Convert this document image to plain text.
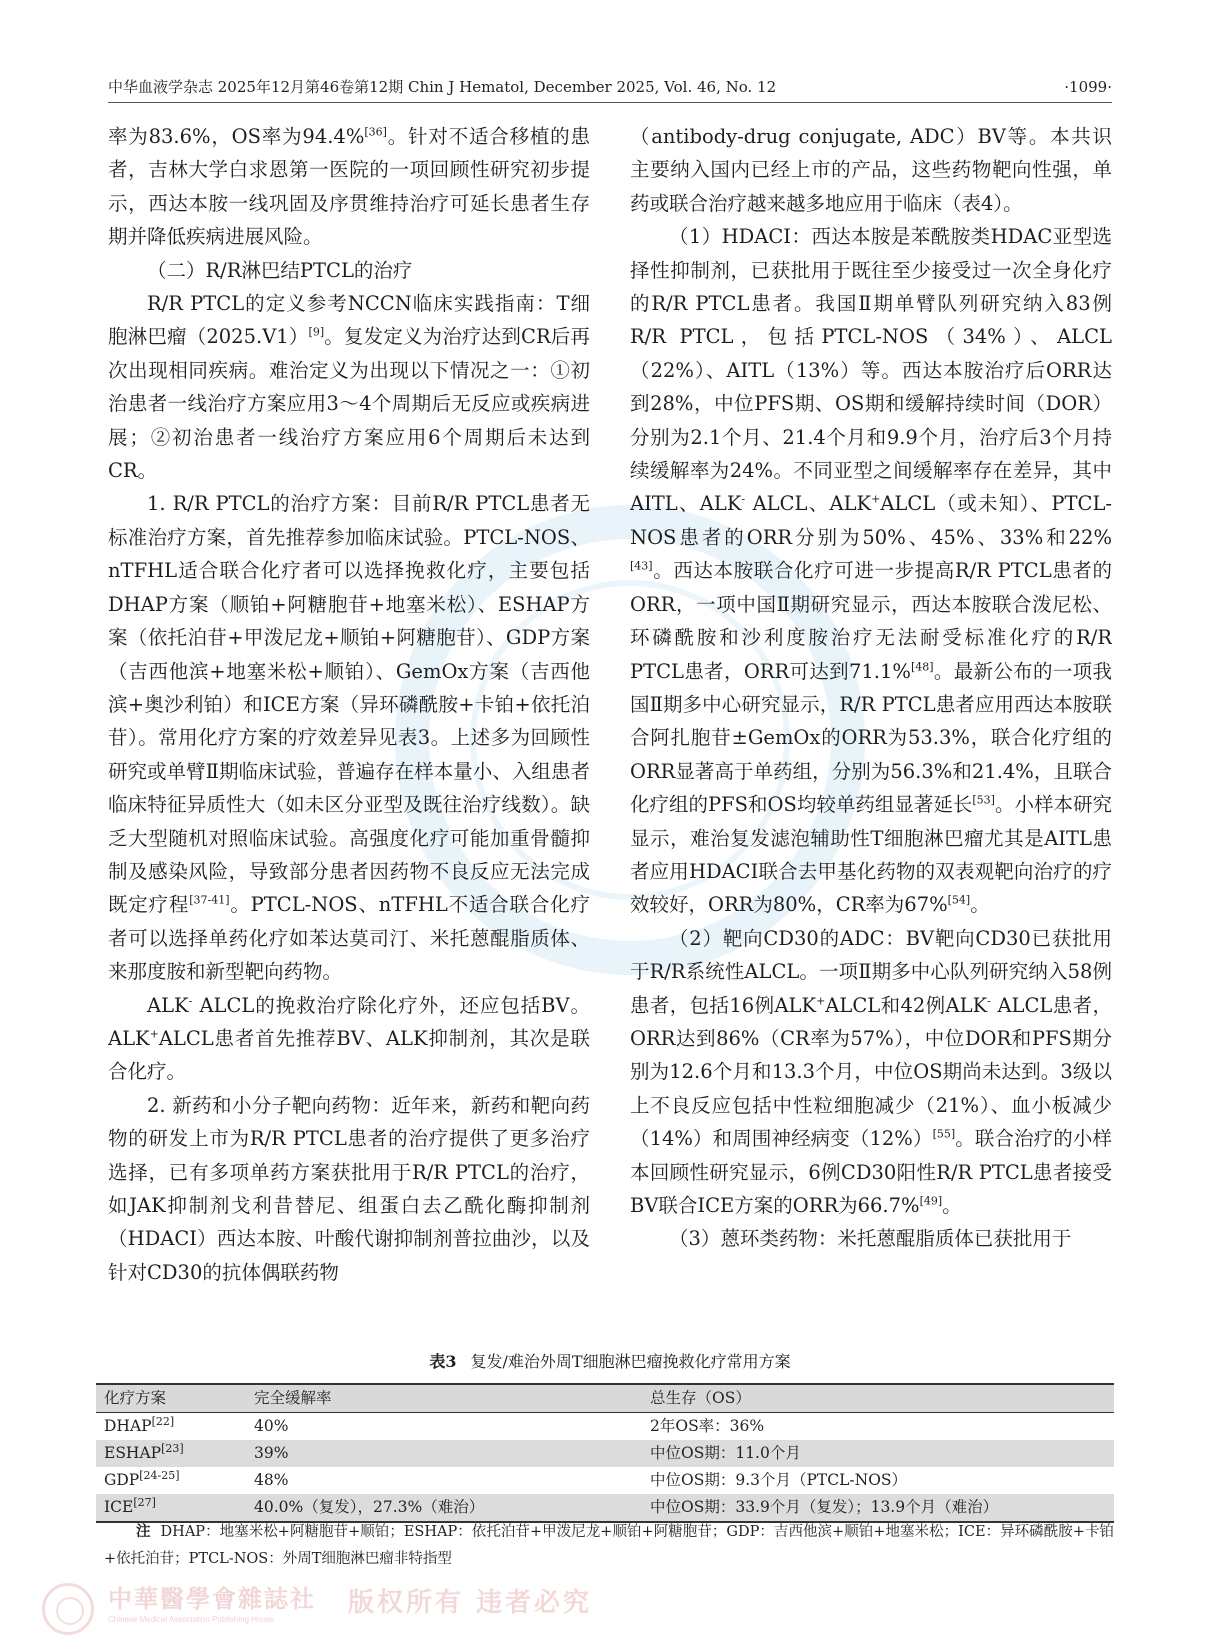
中华血液学杂志 2025年12月第46卷第12期 Chin J Hematol, December 2025, Vol. 46, No. 12	·1099·

率为83.6%，OS率为94.4%[36]。针对不适合移植的患者，吉林大学白求恩第一医院的一项回顾性研究初步提示，西达本胺一线巩固及序贯维持治疗可延长患者生存期并降低疾病进展风险。

（二）R/R淋巴结PTCL的治疗

R/R PTCL的定义参考NCCN临床实践指南：T细胞淋巴瘤（2025.V1）[9]。复发定义为治疗达到CR后再次出现相同疾病。难治定义为出现以下情况之一：①初治患者一线治疗方案应用3～4个周期后无反应或疾病进展；②初治患者一线治疗方案应用6个周期后未达到CR。

1. R/R PTCL的治疗方案：目前R/R PTCL患者无标准治疗方案，首先推荐参加临床试验。PTCL-NOS、nTFHL适合联合化疗者可以选择挽救化疗，主要包括DHAP方案（顺铂+阿糖胞苷+地塞米松）、ESHAP方案（依托泊苷+甲泼尼龙+顺铂+阿糖胞苷）、GDP方案（吉西他滨+地塞米松+顺铂）、GemOx方案（吉西他滨+奥沙利铂）和ICE方案（异环磷酰胺+卡铂+依托泊苷）。常用化疗方案的疗效差异见表3。上述多为回顾性研究或单臂Ⅱ期临床试验，普遍存在样本量小、入组患者临床特征异质性大（如未区分亚型及既往治疗线数）。缺乏大型随机对照临床试验。高强度化疗可能加重骨髓抑制及感染风险，导致部分患者因药物不良反应无法完成既定疗程[37-41]。PTCL-NOS、nTFHL不适合联合化疗者可以选择单药化疗如苯达莫司汀、米托蒽醌脂质体、来那度胺和新型靶向药物。

ALK- ALCL的挽救治疗除化疗外，还应包括BV。ALK+ALCL患者首先推荐BV、ALK抑制剂，其次是联合化疗。

2. 新药和小分子靶向药物：近年来，新药和靶向药物的研发上市为R/R PTCL患者的治疗提供了更多治疗选择，已有多项单药方案获批用于R/R PTCL的治疗，如JAK抑制剂戈利昔替尼、组蛋白去乙酰化酶抑制剂（HDACI）西达本胺、叶酸代谢抑制剂普拉曲沙，以及针对CD30的抗体偶联药物

（antibody-drug conjugate, ADC）BV等。本共识主要纳入国内已经上市的产品，这些药物靶向性强，单药或联合治疗越来越多地应用于临床（表4）。

（1）HDACI：西达本胺是苯酰胺类HDAC亚型选择性抑制剂，已获批用于既往至少接受过一次全身化疗的R/R PTCL患者。我国Ⅱ期单臂队列研究纳入83例R/R PTCL，包括PTCL-NOS（34%）、ALCL（22%）、AITL（13%）等。西达本胺治疗后ORR达到28%，中位PFS期、OS期和缓解持续时间（DOR）分别为2.1个月、21.4个月和9.9个月，治疗后3个月持续缓解率为24%。不同亚型之间缓解率存在差异，其中AITL、ALK- ALCL、ALK+ALCL（或未知）、PTCL-NOS患者的ORR分别为50%、45%、33%和22%[43]。西达本胺联合化疗可进一步提高R/R PTCL患者的ORR，一项中国Ⅱ期研究显示，西达本胺联合泼尼松、环磷酰胺和沙利度胺治疗无法耐受标准化疗的R/R PTCL患者，ORR可达到71.1%[48]。最新公布的一项我国Ⅱ期多中心研究显示，R/R PTCL患者应用西达本胺联合阿扎胞苷±GemOx的ORR为53.3%，联合化疗组的ORR显著高于单药组，分别为56.3%和21.4%，且联合化疗组的PFS和OS均较单药组显著延长[53]。小样本研究显示，难治复发滤泡辅助性T细胞淋巴瘤尤其是AITL患者应用HDACI联合去甲基化药物的双表观靶向治疗的疗效较好，ORR为80%，CR率为67%[54]。

（2）靶向CD30的ADC：BV靶向CD30已获批用于R/R系统性ALCL。一项Ⅱ期多中心队列研究纳入58例患者，包括16例ALK+ALCL和42例ALK- ALCL患者，ORR达到86%（CR率为57%），中位DOR和PFS期分别为12.6个月和13.3个月，中位OS期尚未达到。3级以上不良反应包括中性粒细胞减少（21%）、血小板减少（14%）和周围神经病变（12%）[55]。联合治疗的小样本回顾性研究显示，6例CD30阳性R/R PTCL患者接受BV联合ICE方案的ORR为66.7%[49]。

（3）蒽环类药物：米托蒽醌脂质体已获批用于

表3 复发/难治外周T细胞淋巴瘤挽救化疗常用方案
化疗方案	完全缓解率	总生存（OS）
DHAP[22]	40%	2年OS率：36%
ESHAP[23]	39%	中位OS期：11.0个月
GDP[24-25]	48%	中位OS期：9.3个月（PTCL-NOS）
ICE[27]	40.0%（复发），27.3%（难治）	中位OS期：33.9个月（复发）；13.9个月（难治）
注 DHAP：地塞米松+阿糖胞苷+顺铂；ESHAP：依托泊苷+甲泼尼龙+顺铂+阿糖胞苷；GDP：吉西他滨+顺铂+地塞米松；ICE：异环磷酰胺+卡铂+依托泊苷；PTCL-NOS：外周T细胞淋巴瘤非特指型
中華醫學會雜誌社
Chinese Medical Association Publishing House
版权所有 违者必究
